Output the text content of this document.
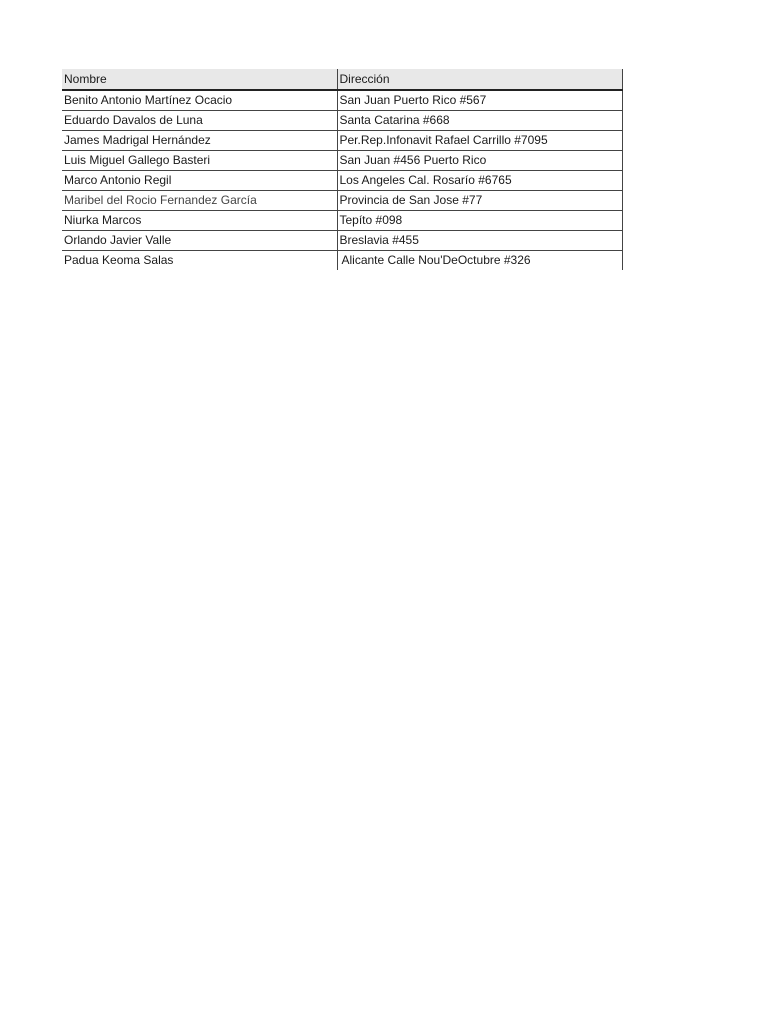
Nombre	Dirección
Benito Antonio Martínez Ocacio	San Juan Puerto Rico #567
Eduardo Davalos de Luna	Santa Catarina #668
James Madrigal Hernández	Per.Rep.Infonavit Rafael Carrillo #7095
Luis Miguel Gallego Basteri	San Juan #456 Puerto Rico
Marco Antonio Regil	Los Angeles Cal. Rosarío #6765
Maribel del Rocio Fernandez García	Provincia de San Jose #77
Niurka Marcos	Tepíto #098
Orlando Javier Valle	Breslavia #455
Padua Keoma Salas	Alicante Calle Nou'DeOctubre #326
